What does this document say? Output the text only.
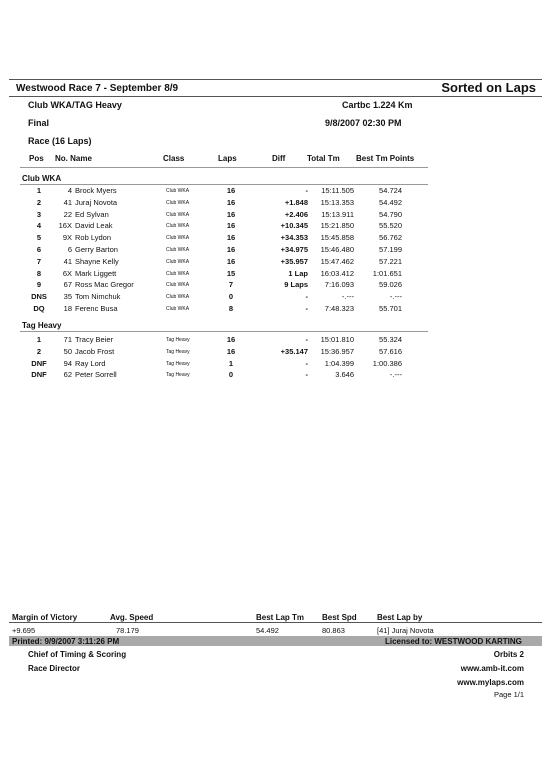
Westwood Race 7 - September 8/9	Sorted on Laps
Club WKA/TAG Heavy	Cartbc 1.224 Km
Final	9/8/2007 02:30 PM
Race (16 Laps)
Pos No. Name	Class	Laps	Diff	Total Tm Best Tm Points
Club WKA
1	4 Brock Myers	Club WKA	16	-	15:11.505	54.724
2	41 Juraj Novota	Club WKA	16	+1.848	15:13.353	54.492
3	22 Ed Sylvan	Club WKA	16	+2.406	15:13.911	54.790
4	16X David Leak	Club WKA	16	+10.345	15:21.850	55.520
5	9X Rob Lydon	Club WKA	16	+34.353	15:45.858	56.762
6	6 Gerry Barton	Club WKA	16	+34.975	15:46.480	57.199
7	41 Shayne Kelly	Club WKA	16	+35.957	15:47.462	57.221
8	6X Mark Liggett	Club WKA	15	1 Lap	16:03.412	1:01.651
9	67 Ross Mac Gregor	Club WKA	7	9 Laps	7:16.093	59.026
DNS	35 Tom Nimchuk	Club WKA	0	-	-.---	-.---
DQ	18 Ferenc Busa	Club WKA	8	-	7:48.323	55.701
Tag Heavy
1	71 Tracy Beier	Tag Heavy	16	-	15:01.810	55.324
2	50 Jacob Frost	Tag Heavy	16	+35.147	15:36.957	57.616
DNF	94 Ray Lord	Tag Heavy	1	-	1:04.399	1:00.386
DNF	62 Peter Sorrell	Tag Heavy	0	-	3.646	-.---
Margin of Victory	Avg. Speed	Best Lap Tm Best Spd	Best Lap by
+9.695	78.179	54.492	80.863	[41] Juraj Novota
Printed: 9/9/2007 3:11:26 PM	Licensed to: WESTWOOD KARTING
Chief of Timing & Scoring
Race Director
Orbits 2
www.amb-it.com
www.mylaps.com
Page 1/1
